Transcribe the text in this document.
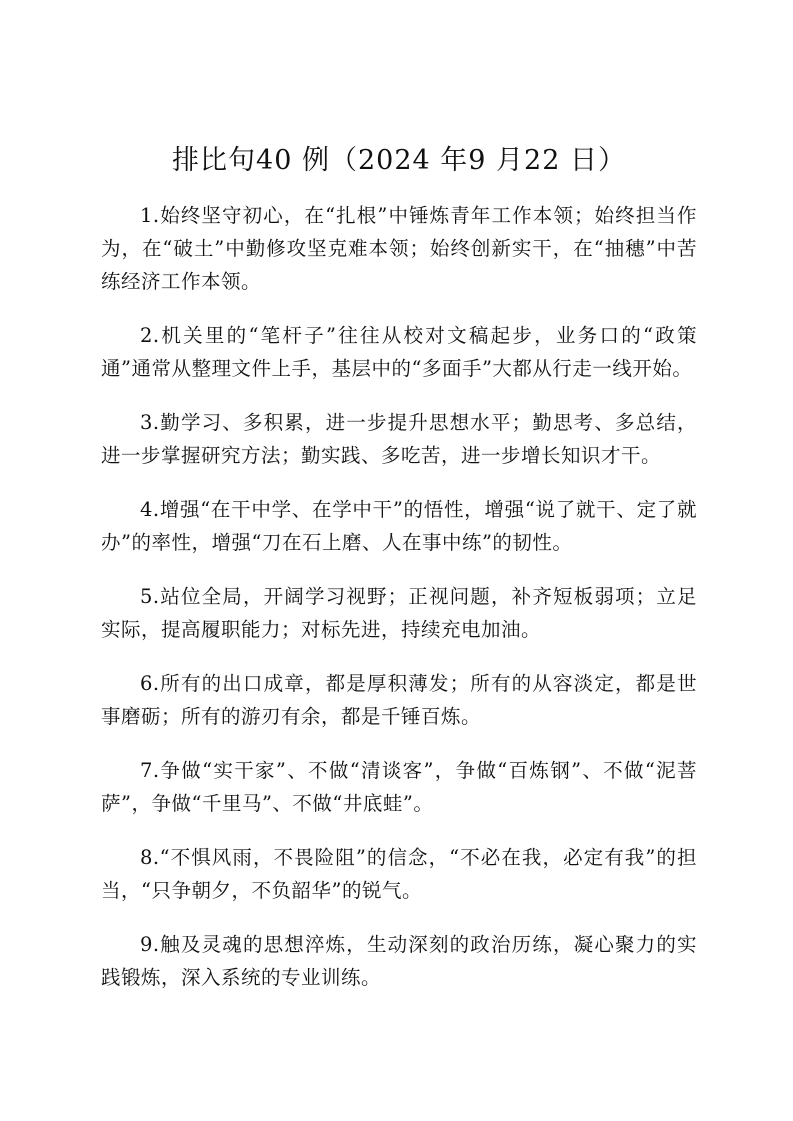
排比句40 例（2024 年9 月22 日）

1.始终坚守初心，在“扎根”中锤炼青年工作本领；始终担当作为，在“破土”中勤修攻坚克难本领；始终创新实干，在“抽穗”中苦练经济工作本领。

2.机关里的“笔杆子”往往从校对文稿起步，业务口的“政策通”通常从整理文件上手，基层中的“多面手”大都从行走一线开始。

3.勤学习、多积累，进一步提升思想水平；勤思考、多总结，进一步掌握研究方法；勤实践、多吃苦，进一步增长知识才干。

4.增强“在干中学、在学中干”的悟性，增强“说了就干、定了就办”的率性，增强“刀在石上磨、人在事中练”的韧性。

5.站位全局，开阔学习视野；正视问题，补齐短板弱项；立足实际，提高履职能力；对标先进，持续充电加油。

6.所有的出口成章，都是厚积薄发；所有的从容淡定，都是世事磨砺；所有的游刃有余，都是千锤百炼。

7.争做“实干家”、不做“清谈客”，争做“百炼钢”、不做“泥菩萨”，争做“千里马”、不做“井底蛙”。

8.“不惧风雨，不畏险阻”的信念，“不必在我，必定有我”的担当，“只争朝夕，不负韶华”的锐气。

9.触及灵魂的思想淬炼，生动深刻的政治历练，凝心聚力的实践锻炼，深入系统的专业训练。
